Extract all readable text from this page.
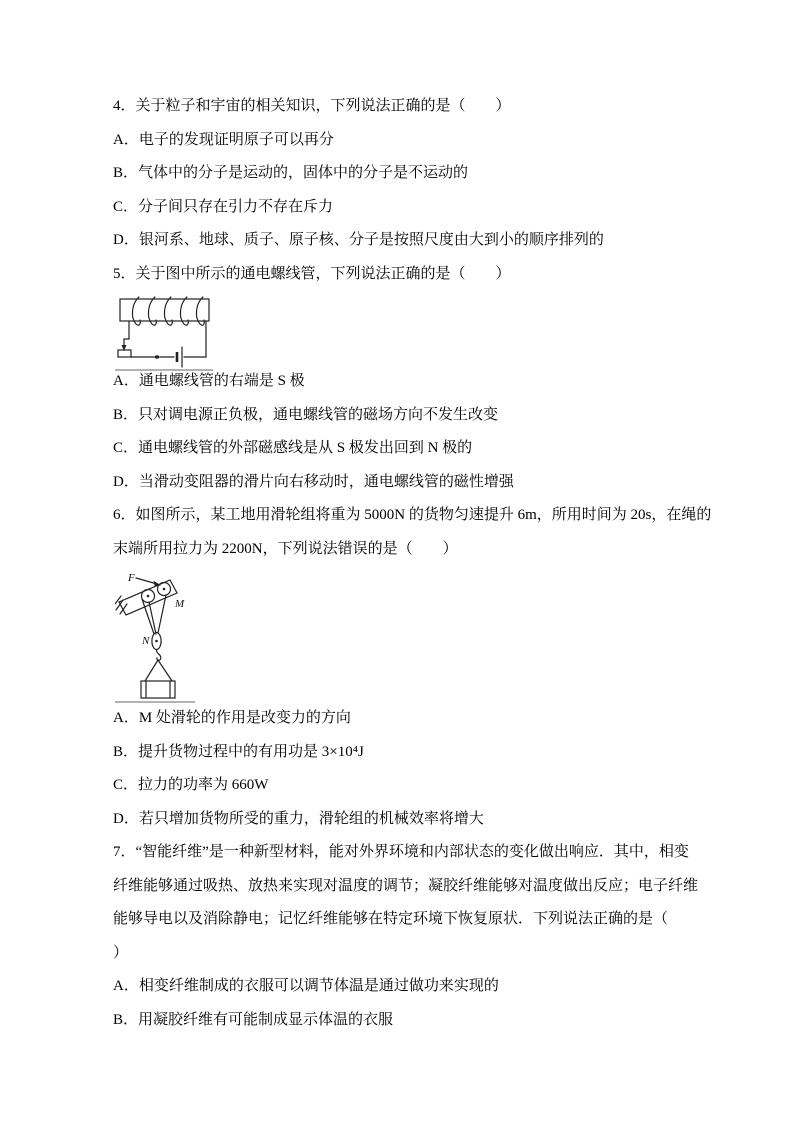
4．关于粒子和宇宙的相关知识，下列说法正确的是（　　）
A．电子的发现证明原子可以再分
B．气体中的分子是运动的，固体中的分子是不运动的
C．分子间只存在引力不存在斥力
D．银河系、地球、质子、原子核、分子是按照尺度由大到小的顺序排列的
5．关于图中所示的通电螺线管，下列说法正确的是（　　）
A．通电螺线管的右端是 S 极
B．只对调电源正负极，通电螺线管的磁场方向不发生改变
C．通电螺线管的外部磁感线是从 S 极发出回到 N 极的
D．当滑动变阻器的滑片向右移动时，通电螺线管的磁性增强
6．如图所示，某工地用滑轮组将重为 5000N 的货物匀速提升 6m，所用时间为 20s，在绳的
末端所用拉力为 2200N，下列说法错误的是（　　）
F
M
N
A．M 处滑轮的作用是改变力的方向
B．提升货物过程中的有用功是 3×10⁴J
C．拉力的功率为 660W
D．若只增加货物所受的重力，滑轮组的机械效率将增大
7．“智能纤维”是一种新型材料，能对外界环境和内部状态的变化做出响应．其中，相变
纤维能够通过吸热、放热来实现对温度的调节；凝胶纤维能够对温度做出反应；电子纤维
能够导电以及消除静电；记忆纤维能够在特定环境下恢复原状．下列说法正确的是（
）
A．相变纤维制成的衣服可以调节体温是通过做功来实现的
B．用凝胶纤维有可能制成显示体温的衣服
